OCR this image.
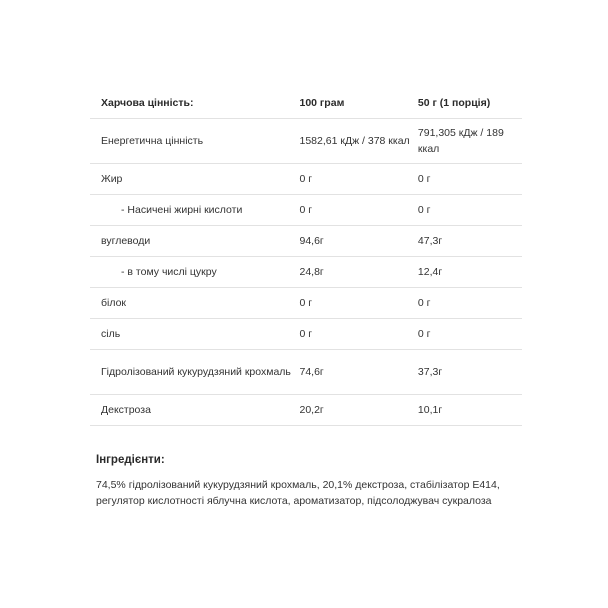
Харчова цінність:	100 грам	50 г (1 порція)
Енергетична цінність	1582,61 кДж / 378 ккал	791,305 кДж / 189 ккал
Жир	0 г	0 г
- Насичені жирні кислоти	0 г	0 г
вуглеводи	94,6г	47,3г
- в тому числі цукру	24,8г	12,4г
білок	0 г	0 г
сіль	0 г	0 г
Гідролізований кукурудзяний крохмаль	74,6г	37,3г
Декстроза	20,2г	10,1г
Інгредієнти:

74,5% гідролізований кукурудзяний крохмаль, 20,1% декстроза, стабілізатор E414, регулятор кислотності яблучна кислота, ароматизатор, підсолоджувач сукралоза
